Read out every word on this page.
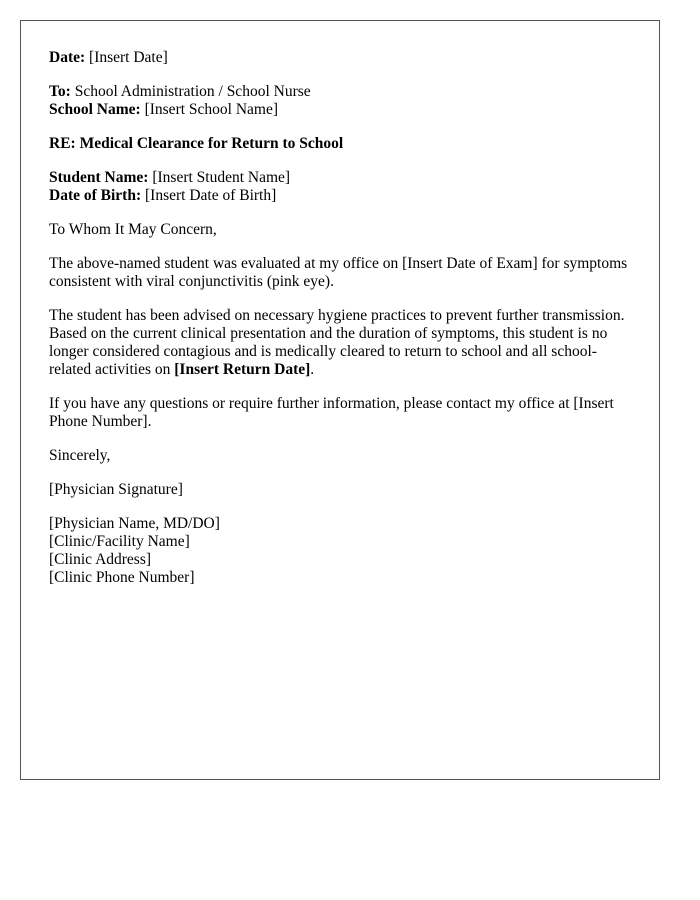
Date: [Insert Date]

To: School Administration / School Nurse
School Name: [Insert School Name]

RE: Medical Clearance for Return to School

Student Name: [Insert Student Name]
Date of Birth: [Insert Date of Birth]

To Whom It May Concern,

The above-named student was evaluated at my office on [Insert Date of Exam] for symptoms consistent with viral conjunctivitis (pink eye).

The student has been advised on necessary hygiene practices to prevent further transmission. Based on the current clinical presentation and the duration of symptoms, this student is no longer considered contagious and is medically cleared to return to school and all school-related activities on [Insert Return Date].

If you have any questions or require further information, please contact my office at [Insert Phone Number].

Sincerely,

[Physician Signature]

[Physician Name, MD/DO]
[Clinic/Facility Name]
[Clinic Address]
[Clinic Phone Number]
